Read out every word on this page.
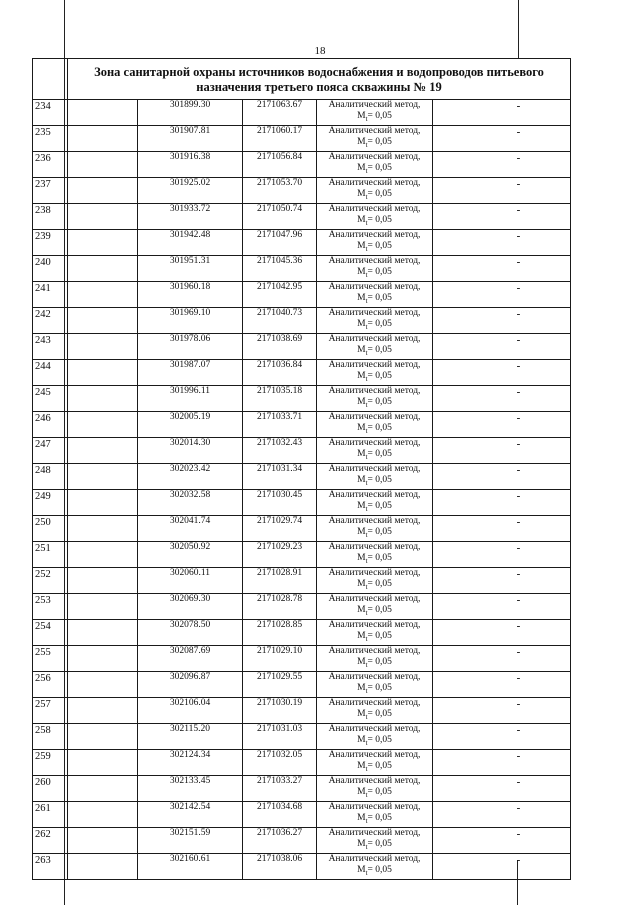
18

	Зона санитарной охраны источников водоснабжения и водопроводов питьевого
назначения третьего пояса скважины № 19				

234		301899.30	2171063.67	Аналитический метод,
$M_t= 0,05$	-

235		301907.81	2171060.17	Аналитический метод,
$M_t= 0,05$	-

236		301916.38	2171056.84	Аналитический метод,
$M_t= 0,05$	-

237		301925.02	2171053.70	Аналитический метод,
$M_t= 0,05$	-

238		301933.72	2171050.74	Аналитический метод,
$M_t= 0,05$	-

239		301942.48	2171047.96	Аналитический метод,
$M_t= 0,05$	-

240		301951.31	2171045.36	Аналитический метод,
$M_t= 0,05$	-

241		301960.18	2171042.95	Аналитический метод,
$M_t= 0,05$	-

242		301969.10	2171040.73	Аналитический метод,
$M_t= 0,05$	-

243		301978.06	2171038.69	Аналитический метод,
$M_t= 0,05$	-

244		301987.07	2171036.84	Аналитический метод,
$M_t= 0,05$	-

245		301996.11	2171035.18	Аналитический метод,
$M_t= 0,05$	-

246		302005.19	2171033.71	Аналитический метод,
$M_t= 0,05$	-

247		302014.30	2171032.43	Аналитический метод,
$M_t= 0,05$	-

248		302023.42	2171031.34	Аналитический метод,
$M_t= 0,05$	-

249		302032.58	2171030.45	Аналитический метод,
$M_t= 0,05$	-

250		302041.74	2171029.74	Аналитический метод,
$M_t= 0,05$	-

251		302050.92	2171029.23	Аналитический метод,
$M_t= 0,05$	-

252		302060.11	2171028.91	Аналитический метод,
$M_t= 0,05$	-

253		302069.30	2171028.78	Аналитический метод,
$M_t= 0,05$	-

254		302078.50	2171028.85	Аналитический метод,
$M_t= 0,05$	-

255		302087.69	2171029.10	Аналитический метод,
$M_t= 0,05$	-

256		302096.87	2171029.55	Аналитический метод,
$M_t= 0,05$	-

257		302106.04	2171030.19	Аналитический метод,
$M_t= 0,05$	-

258		302115.20	2171031.03	Аналитический метод,
$M_t= 0,05$	-

259		302124.34	2171032.05	Аналитический метод,
$M_t= 0,05$	-

260		302133.45	2171033.27	Аналитический метод,
$M_t= 0,05$	-

261		302142.54	2171034.68	Аналитический метод,
$M_t= 0,05$	-

262		302151.59	2171036.27	Аналитический метод,
$M_t= 0,05$	-

263		302160.61	2171038.06	Аналитический метод,
$M_t= 0,05$	-
